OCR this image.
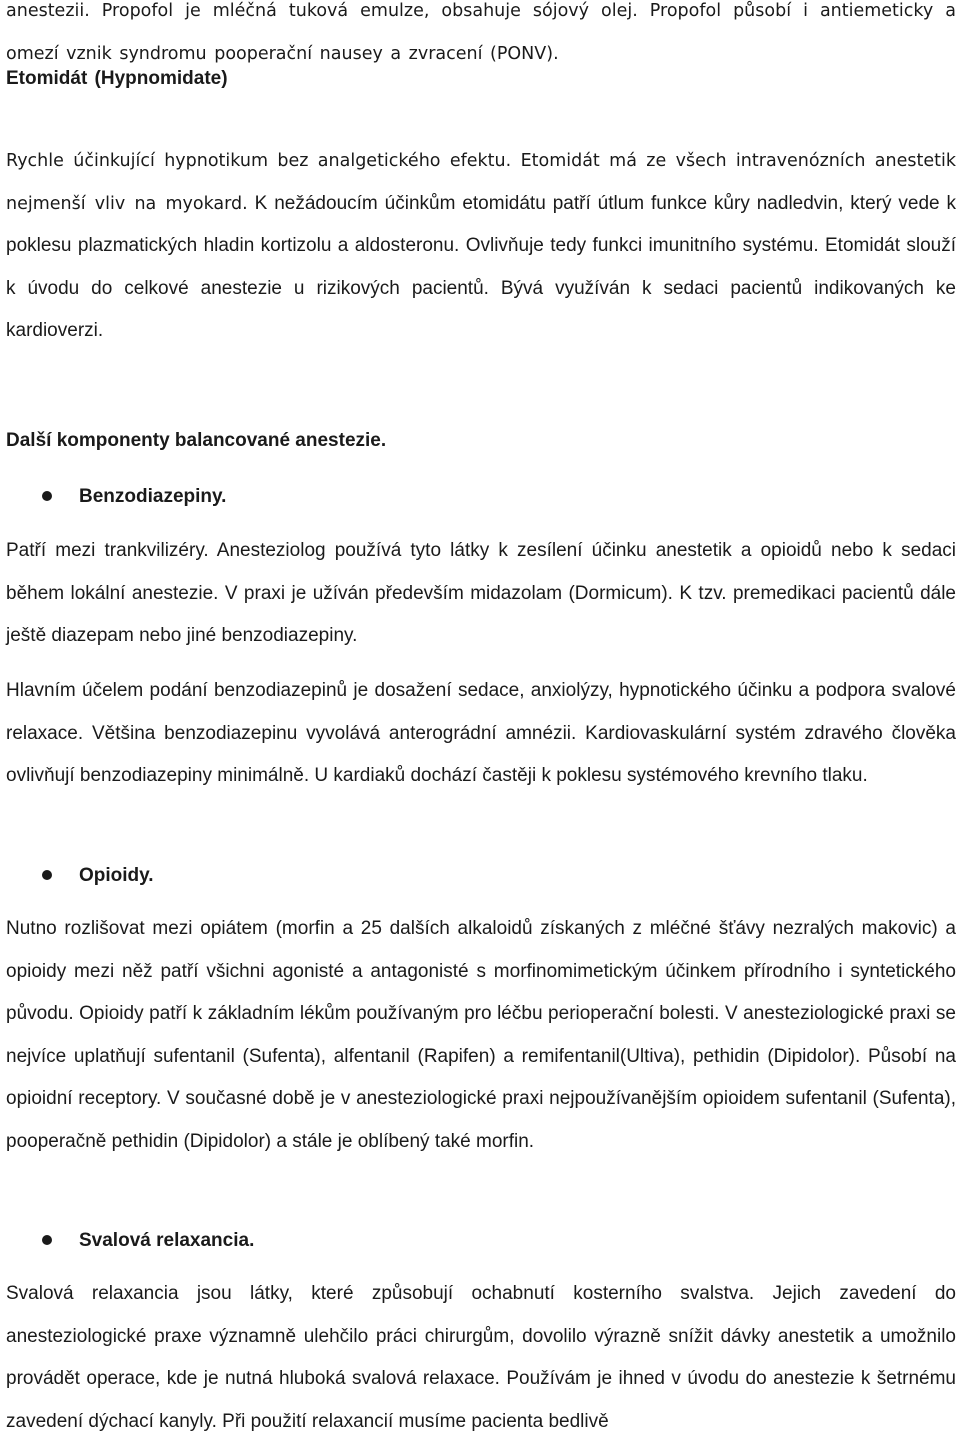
anestezii. Propofol je mléčná tuková emulze, obsahuje sójový olej. Propofol působí i antiemeticky a omezí vznik syndromu pooperační nausey a zvracení (PONV).

Etomidát (Hypnomidate)

Rychle účinkující hypnotikum bez analgetického efektu. Etomidát má ze všech intravenózních anestetik nejmenší vliv na myokard. K nežádoucím účinkům etomidátu patří útlum funkce kůry nadledvin, který vede k poklesu plazmatických hladin kortizolu a aldosteronu. Ovlivňuje tedy funkci imunitního systému. Etomidát slouží k úvodu do celkové anestezie u rizikových pacientů. Bývá využíván k sedaci pacientů indikovaných ke kardioverzi.

Další komponenty balancované anestezie.

Benzodiazepiny.

Patří mezi trankvilizéry. Anesteziolog používá tyto látky k zesílení účinku anestetik a opioidů nebo k sedaci během lokální anestezie. V praxi je užíván především midazolam (Dormicum). K tzv. premedikaci pacientů dále ještě diazepam nebo jiné benzodiazepiny.

Hlavním účelem podání benzodiazepinů je dosažení sedace, anxiolýzy, hypnotického účinku a podpora svalové relaxace. Většina benzodiazepinu vyvolává anterográdní amnézii. Kardiovaskulární systém zdravého člověka ovlivňují benzodiazepiny minimálně. U kardiaků dochází častěji k poklesu systémového krevního tlaku.

Opioidy.

Nutno rozlišovat mezi opiátem (morfin a 25 dalších alkaloidů získaných z mléčné šťávy nezralých makovic) a opioidy mezi něž patří všichni agonisté a antagonisté s morfinomimetickým účinkem přírodního i syntetického původu. Opioidy patří k základním lékům používaným pro léčbu perioperační bolesti. V anesteziologické praxi se nejvíce uplatňují sufentanil (Sufenta), alfentanil (Rapifen) a remifentanil(Ultiva), pethidin (Dipidolor). Působí na opioidní receptory. V současné době je v anesteziologické praxi nejpoužívanějším opioidem sufentanil (Sufenta), pooperačně pethidin (Dipidolor) a stále je oblíbený také morfin.

Svalová relaxancia.

Svalová relaxancia jsou látky, které způsobují ochabnutí kosterního svalstva. Jejich zavedení do anesteziologické praxe významně ulehčilo práci chirurgům, dovolilo výrazně snížit dávky anestetik a umožnilo provádět operace, kde je nutná hluboká svalová relaxace. Používám je ihned v úvodu do anestezie k šetrnému zavedení dýchací kanyly. Při použití relaxancií musíme pacienta bedlivě
